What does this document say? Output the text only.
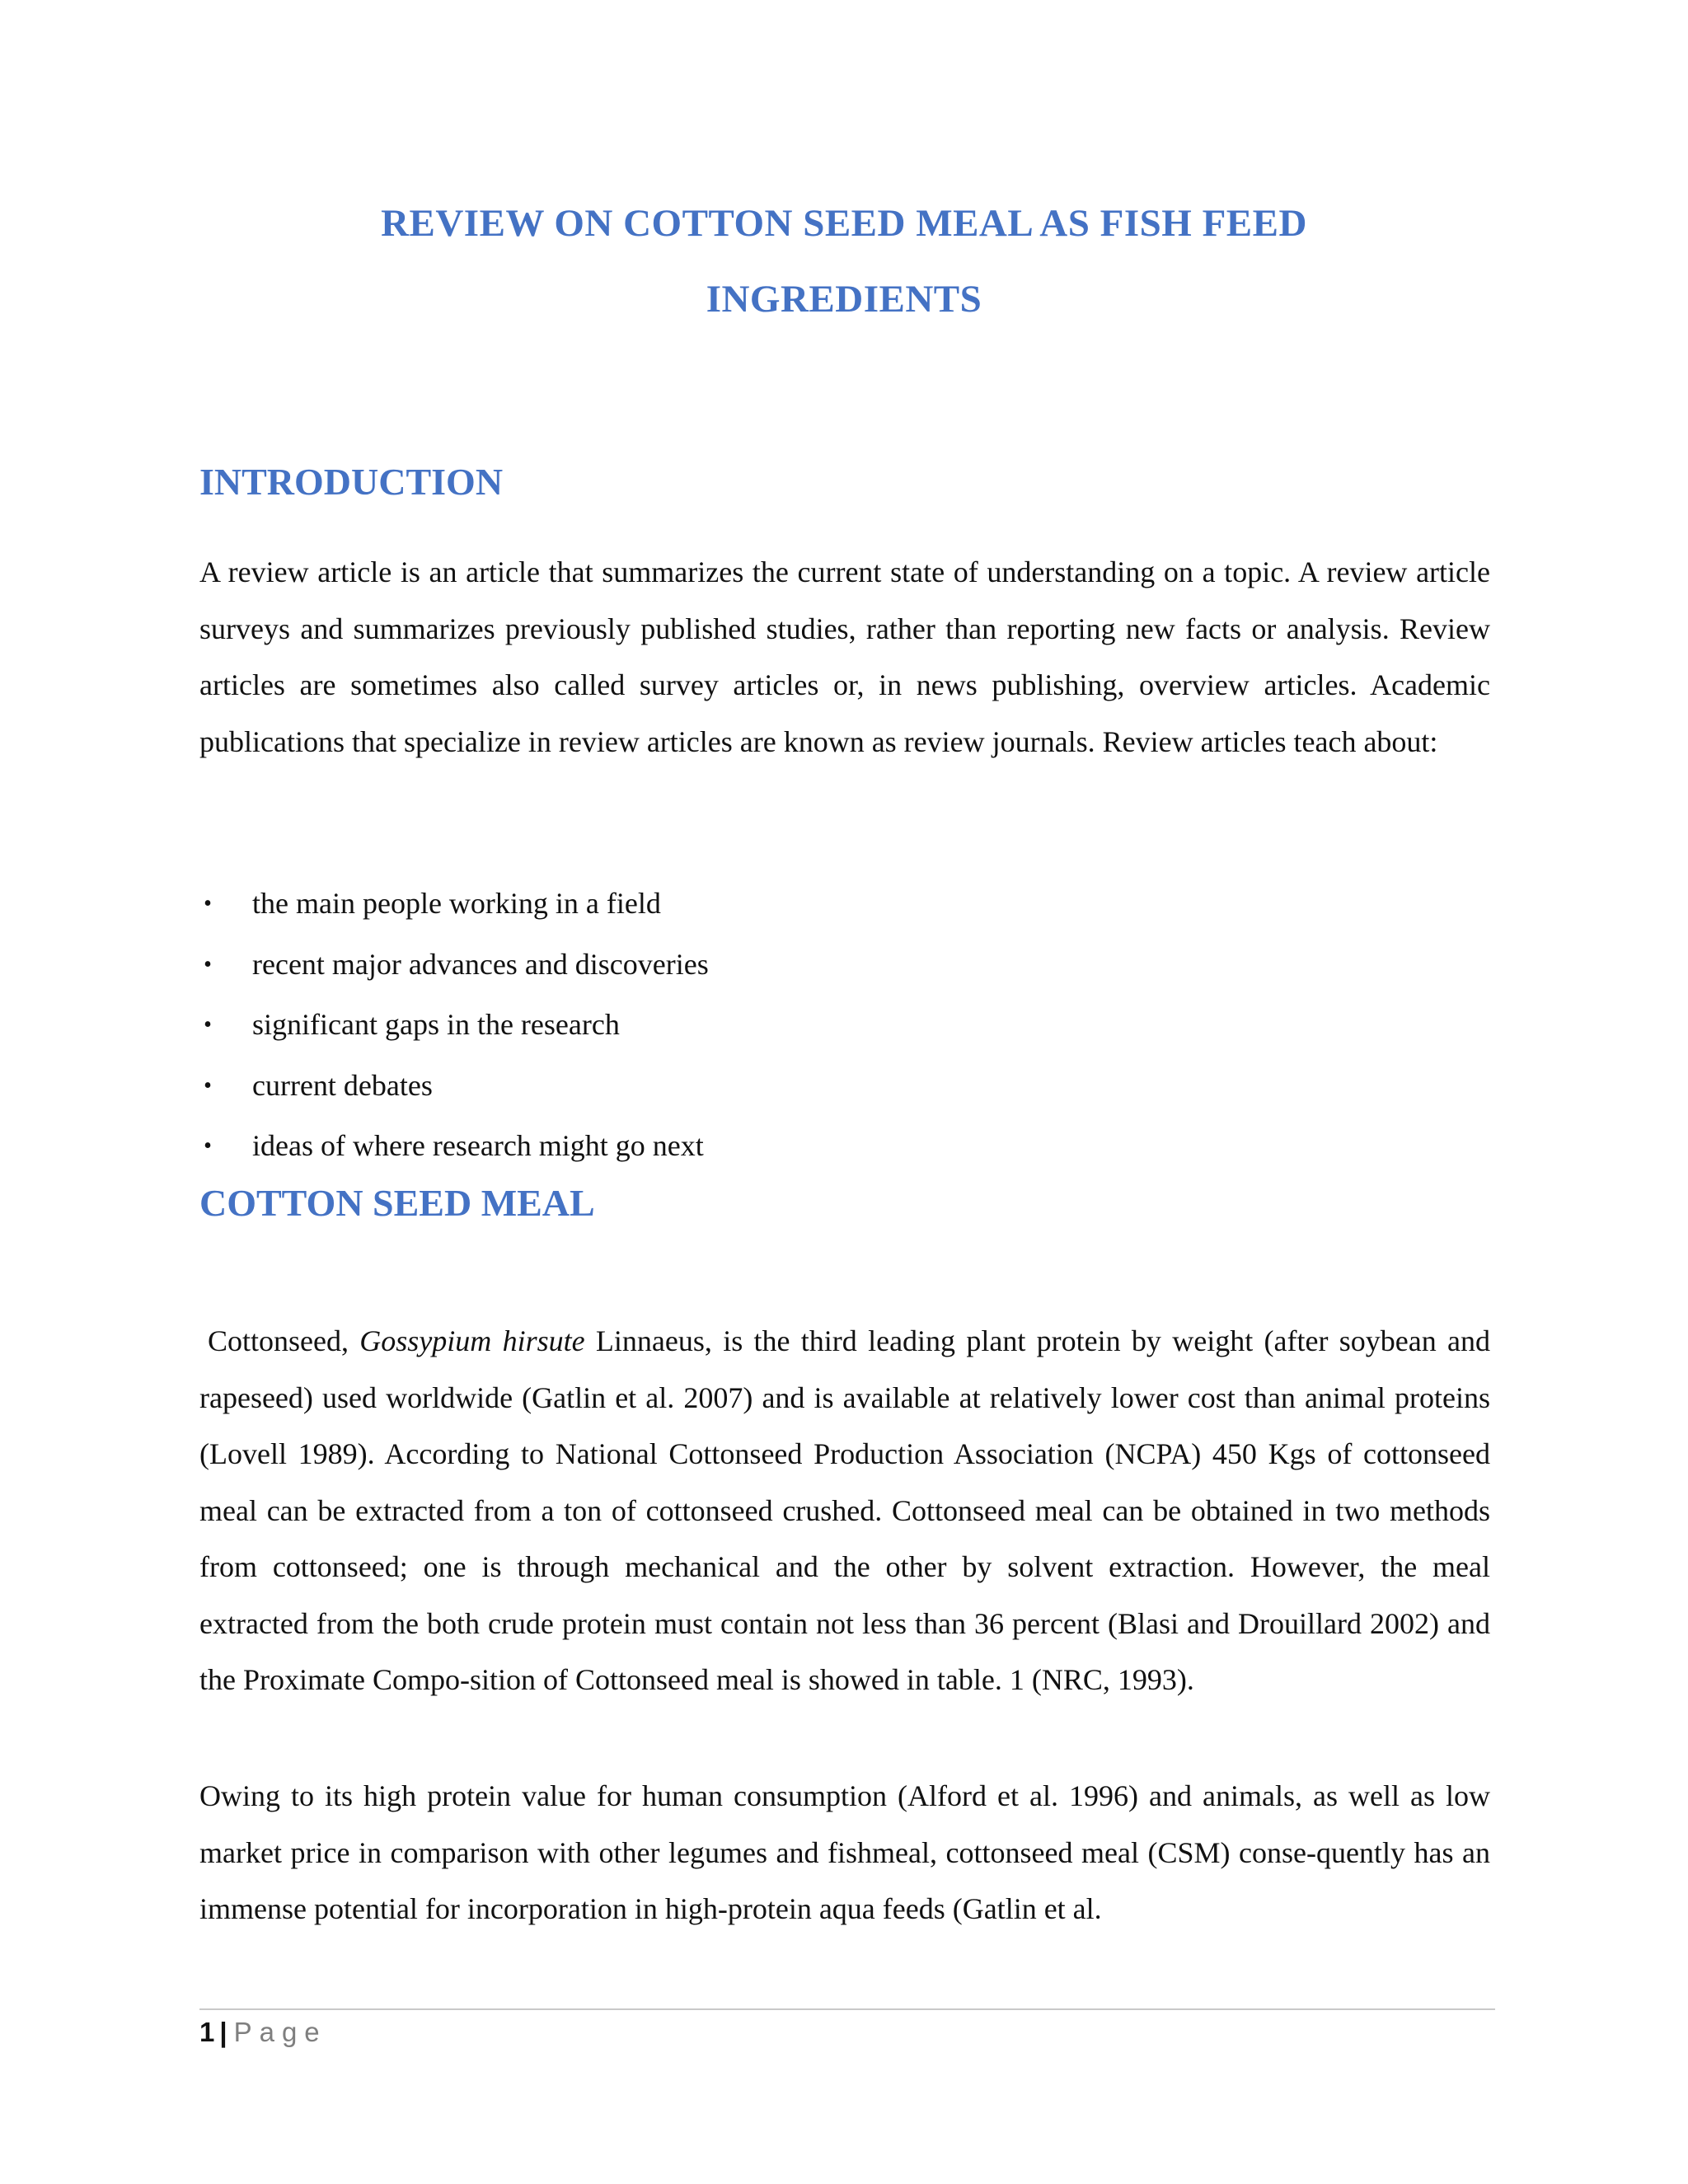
REVIEW ON COTTON SEED MEAL AS FISH FEED
INGREDIENTS
INTRODUCTION

A review article is an article that summarizes the current state of understanding on a topic. A review article surveys and summarizes previously published studies, rather than reporting new facts or analysis. Review articles are sometimes also called survey articles or, in news publishing, overview articles. Academic publications that specialize in review articles are known as review journals. Review articles teach about:

• the main people working in a field
• recent major advances and discoveries
• significant gaps in the research
• current debates
• ideas of where research might go next
COTTON SEED MEAL

Cottonseed, Gossypium hirsute Linnaeus, is the third leading plant protein by weight (after soybean and rapeseed) used worldwide (Gatlin et al. 2007) and is available at relatively lower cost than animal proteins (Lovell 1989). According to National Cottonseed Production Association (NCPA) 450 Kgs of cottonseed meal can be extracted from a ton of cottonseed crushed. Cottonseed meal can be obtained in two methods from cottonseed; one is through mechanical and the other by solvent extraction. However, the meal extracted from the both crude protein must contain not less than 36 percent (Blasi and Drouillard 2002) and the Proximate Compo-sition of Cottonseed meal is showed in table. 1 (NRC, 1993).

Owing to its high protein value for human consumption (Alford et al. 1996) and animals, as well as low market price in comparison with other legumes and fishmeal, cottonseed meal (CSM) conse-quently has an immense potential for incorporation in high-protein aqua feeds (Gatlin et al.

1 | Page
